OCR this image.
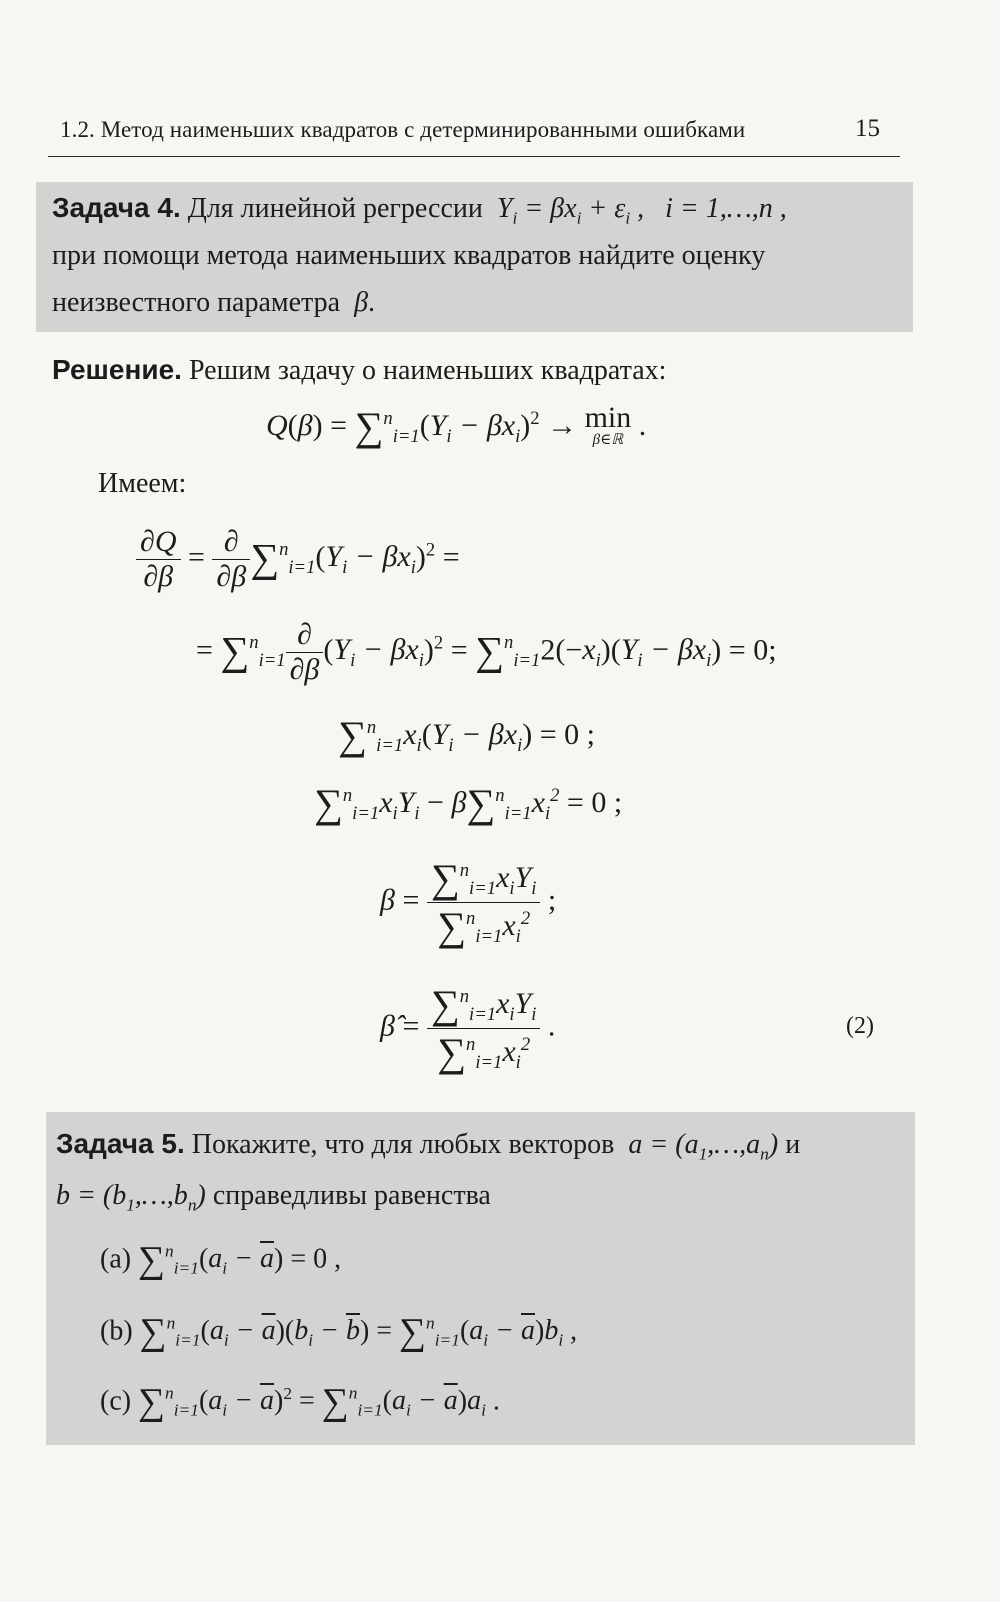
1.2. Метод наименьших квадратов с детерминированными ошибками	15
Задача 4. Для линейной регрессии  $Y_i = \beta x_i + \varepsilon_i$ ,   i = 1,…,n ,
при помощи метода наименьших квадратов найдите оценку
неизвестного параметра  β.
Решение. Решим задачу о наименьших квадратах:
$Q(\beta) = \sum^n_{i=1}(Y_i - \beta x_i)^2 \to \min$
β∈ℝ .
Имеем:
$\frac{\partial Q}{\partial\beta} = \frac{\partial}{\partial\beta} \sum^n_{i=1}(Y_i - \beta x_i)^2$ =
= $\sum^n_{i=1} \frac{\partial}{\partial\beta} (Y_i - \beta x_i)^2 = \sum^n_{i=1}2(-x_i)(Y_i - \beta x_i) = 0$;
$\sum^n_{i=1}x_i(Y_i - \beta x_i) = 0$ ;
$\sum^n_{i=1}x_iY_i - \beta\sum^n_{i=1}x_i^2 = 0$ ;
$\beta = \frac{\sum^n_{i=1}x_iY_i}{\sum^n_{i=1}x_i^2}$ ;
β̂ = $\frac{\sum^n_{i=1}x_iY_i}{\sum^n_{i=1}x_i^2}$ .	(2)
Задача 5. Покажите, что для любых векторов  $a = (a_1,\dots,a_n)$ и
$b = (b_1,\dots,b_n)$ справедливы равенства
(a) $\sum^n_{i=1}(a_i - \overline{a}) = 0$ ,
(b) $\sum^n_{i=1}(a_i - \overline{a})(b_i - \overline{b}) = \sum^n_{i=1}(a_i - \overline{a})b_i$ ,
(c) $\sum^n_{i=1}(a_i - \overline{a})^2 = \sum^n_{i=1}(a_i - \overline{a})a_i$ .
